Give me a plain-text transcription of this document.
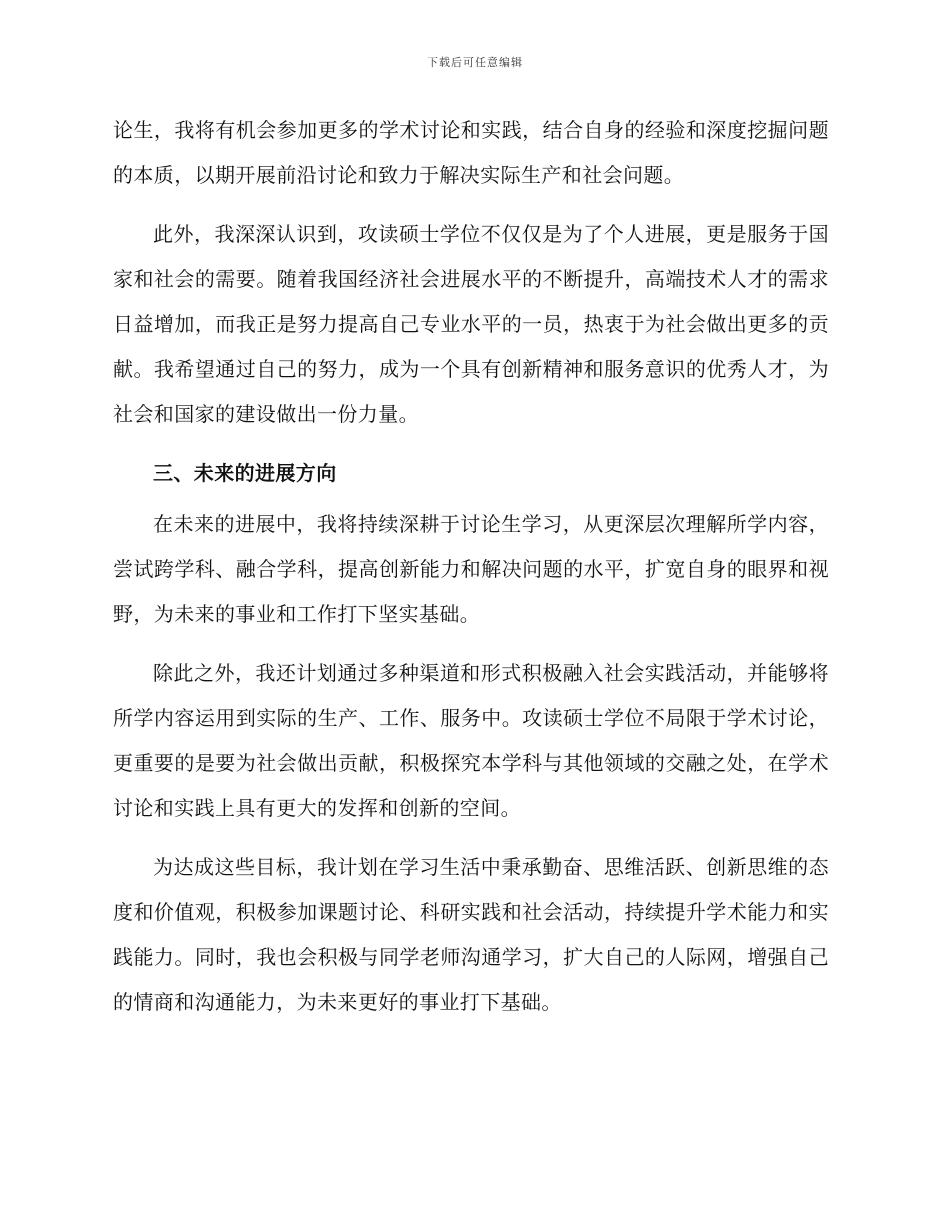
下载后可任意编辑

论生，我将有机会参加更多的学术讨论和实践，结合自身的经验和深度挖掘问题的本质，以期开展前沿讨论和致力于解决实际生产和社会问题。

此外，我深深认识到，攻读硕士学位不仅仅是为了个人进展，更是服务于国家和社会的需要。随着我国经济社会进展水平的不断提升，高端技术人才的需求日益增加，而我正是努力提高自己专业水平的一员，热衷于为社会做出更多的贡献。我希望通过自己的努力，成为一个具有创新精神和服务意识的优秀人才，为社会和国家的建设做出一份力量。

三、未来的进展方向

在未来的进展中，我将持续深耕于讨论生学习，从更深层次理解所学内容，尝试跨学科、融合学科，提高创新能力和解决问题的水平，扩宽自身的眼界和视野，为未来的事业和工作打下坚实基础。

除此之外，我还计划通过多种渠道和形式积极融入社会实践活动，并能够将所学内容运用到实际的生产、工作、服务中。攻读硕士学位不局限于学术讨论，更重要的是要为社会做出贡献，积极探究本学科与其他领域的交融之处，在学术讨论和实践上具有更大的发挥和创新的空间。

为达成这些目标，我计划在学习生活中秉承勤奋、思维活跃、创新思维的态度和价值观，积极参加课题讨论、科研实践和社会活动，持续提升学术能力和实践能力。同时，我也会积极与同学老师沟通学习，扩大自己的人际网，增强自己的情商和沟通能力，为未来更好的事业打下基础。
